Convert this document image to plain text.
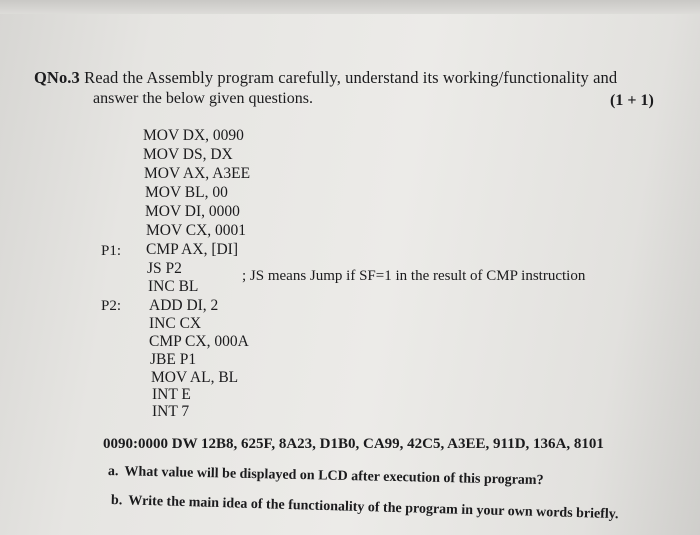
QNo.3 Read the Assembly program carefully, understand its working/functionality and
answer the below given questions.	(1 + 1)
MOV DX, 0090
MOV DS, DX
MOV AX, A3EE
MOV BL, 00
MOV DI, 0000
MOV CX, 0001
P1: CMP AX, [DI]
JS P2	; JS means Jump if SF=1 in the result of CMP instruction
INC BL
P2: ADD DI, 2
INC CX
CMP CX, 000A
JBE P1
MOV AL, BL
INT E
INT 7
0090:0000 DW 12B8, 625F, 8A23, D1B0, CA99, 42C5, A3EE, 911D, 136A, 8101
a. What value will be displayed on LCD after execution of this program?
b. Write the main idea of the functionality of the program in your own words briefly.
